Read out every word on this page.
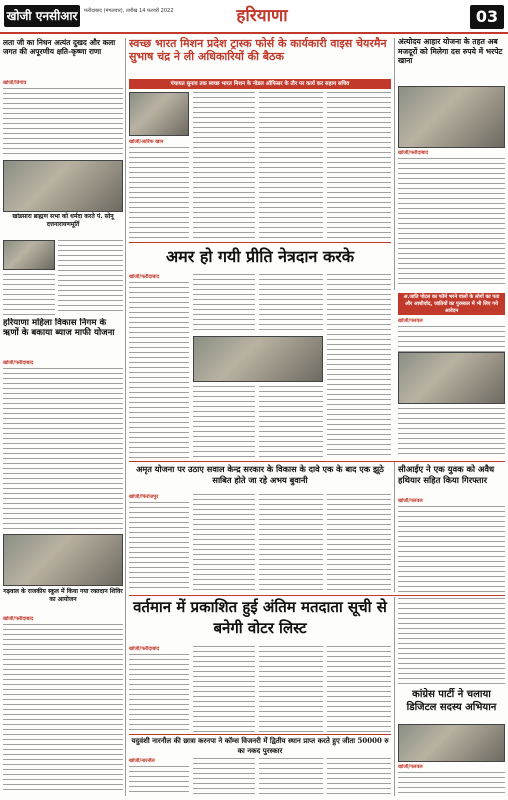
खोजी एनसीआर	फरीदाबाद (मंगलवार), तारीख 14 फरवरी 2022	हरियाणा	03
लता जी का निधन अत्यंत दुखद और कला जगत की अपूरणीय क्षति-कृष्णा राणा
खोजी/तिगांव
खांडसारा ब्राह्मण सभा को धर्मदा करते पं. सोनू दत्तनारायणमूर्ति
हरियाणा महिला विकास निगम के ऋणों के बकाया ब्याज माफी योजना
खोजी/फरीदाबाद
गढ़वाल के राजकीय स्कूल में किया गया रक्तदान शिविर का आयोजन
खोजी/फरीदाबाद
स्वच्छ भारत मिशन प्रदेश ट्रास्क फोर्स के कार्यकारी वाइस चेयरमैन सुभाष चंद्र ने ली अधिकारियों की बैठक
पंचायत सुनाव तक स्वच्छ भारत मिशन के नोडल ऑफिसर के तौर पर कार्य कर सहाय सचिव
खोजी/आरिफ खान
अंत्योदय आहार योजना के तहत अब मजदूरों को मिलेगा दस रुपये में भरपेट खाना
खोजी/फरीदाबाद
अमर हो गयी प्रीति नेत्रदान करके
खोजी/फरीदाबाद
अ.जाति पोटल का फॉर्म भरने वालों के लोगों का पता और आशीर्वाद, जातियों का पुरस्कार में भी लिए गये आवेदन
खोजी/पलवल
अमृत योजना पर उठाए सवाल केन्द्र सरकार के विकास के दावे एक के बाद एक झूठे साबित होते जा रहे अभय बुवानी
खोजी/फिरोजपुर
सीआईए ने एक युवक को अवैध हथियार सहित किया गिरफ्तार
खोजी/पलवल
वर्तमान में प्रकाशित हुई अंतिम मतदाता सूची से बनेगी वोटर लिस्ट
खोजी/फरीदाबाद
यदुवंशी नारनौल की छात्रा करनपा ने कॉम्स विजनरी में द्वितीय स्थान प्राप्त करते हुए जीता 50000 रु का नकद पुरस्कार
खोजी/नारनौल
कांग्रेस पार्टी ने चलाया डिजिटल सदस्य अभियान
खोजी/पलवल
